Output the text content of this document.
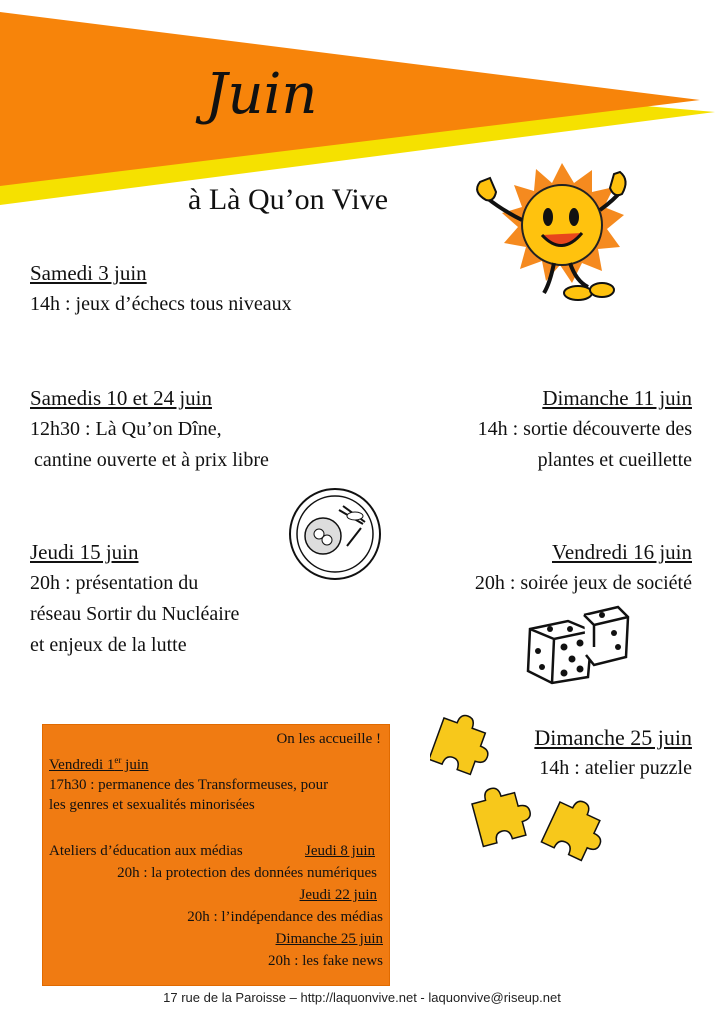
Juin
à Là Qu’on Vive
Samedi 3 juin
14h : jeux d’échecs tous niveaux
Samedis 10 et 24 juin
12h30 : Là Qu’on Dîne,
cantine ouverte et à prix libre
Dimanche 11 juin
14h : sortie découverte des
plantes et cueillette
Jeudi 15 juin
20h : présentation du
réseau Sortir du Nucléaire
et enjeux de la lutte
Vendredi 16 juin
20h : soirée jeux de société
Dimanche 25 juin
14h : atelier puzzle
On les accueille !
Vendredi 1er juin
17h30 : permanence des Transformeuses, pour
les genres et sexualités minorisées
Ateliers d’éducation aux médias	Jeudi 8 juin
20h : la protection des données numériques
Jeudi 22 juin
20h : l’indépendance des médias
Dimanche 25 juin
20h : les fake news
17 rue de la Paroisse – http://laquonvive.net - laquonvive@riseup.net
